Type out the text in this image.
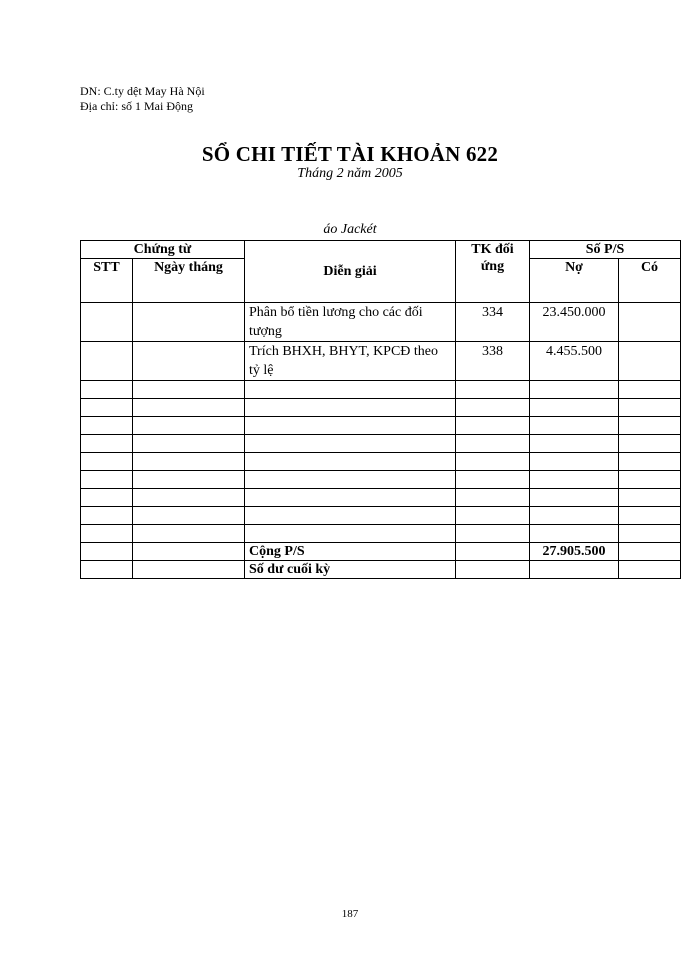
DN: C.ty dệt May Hà Nội
Địa chỉ: số 1 Mai Động
SỔ CHI TIẾT TÀI KHOẢN 622
Tháng 2 năm 2005
áo Jackét
Chứng từ		Diễn giải	TK đối ứng	Số P/S	
STT	Ngày tháng			Nợ	Có
		Phân bổ tiền lương cho các đối tượng	334	23.450.000	
		Trích BHXH, BHYT, KPCĐ theo tỷ lệ	338	4.455.500	

		Cộng P/S		27.905.500	
		Số dư cuối kỳ			
187
